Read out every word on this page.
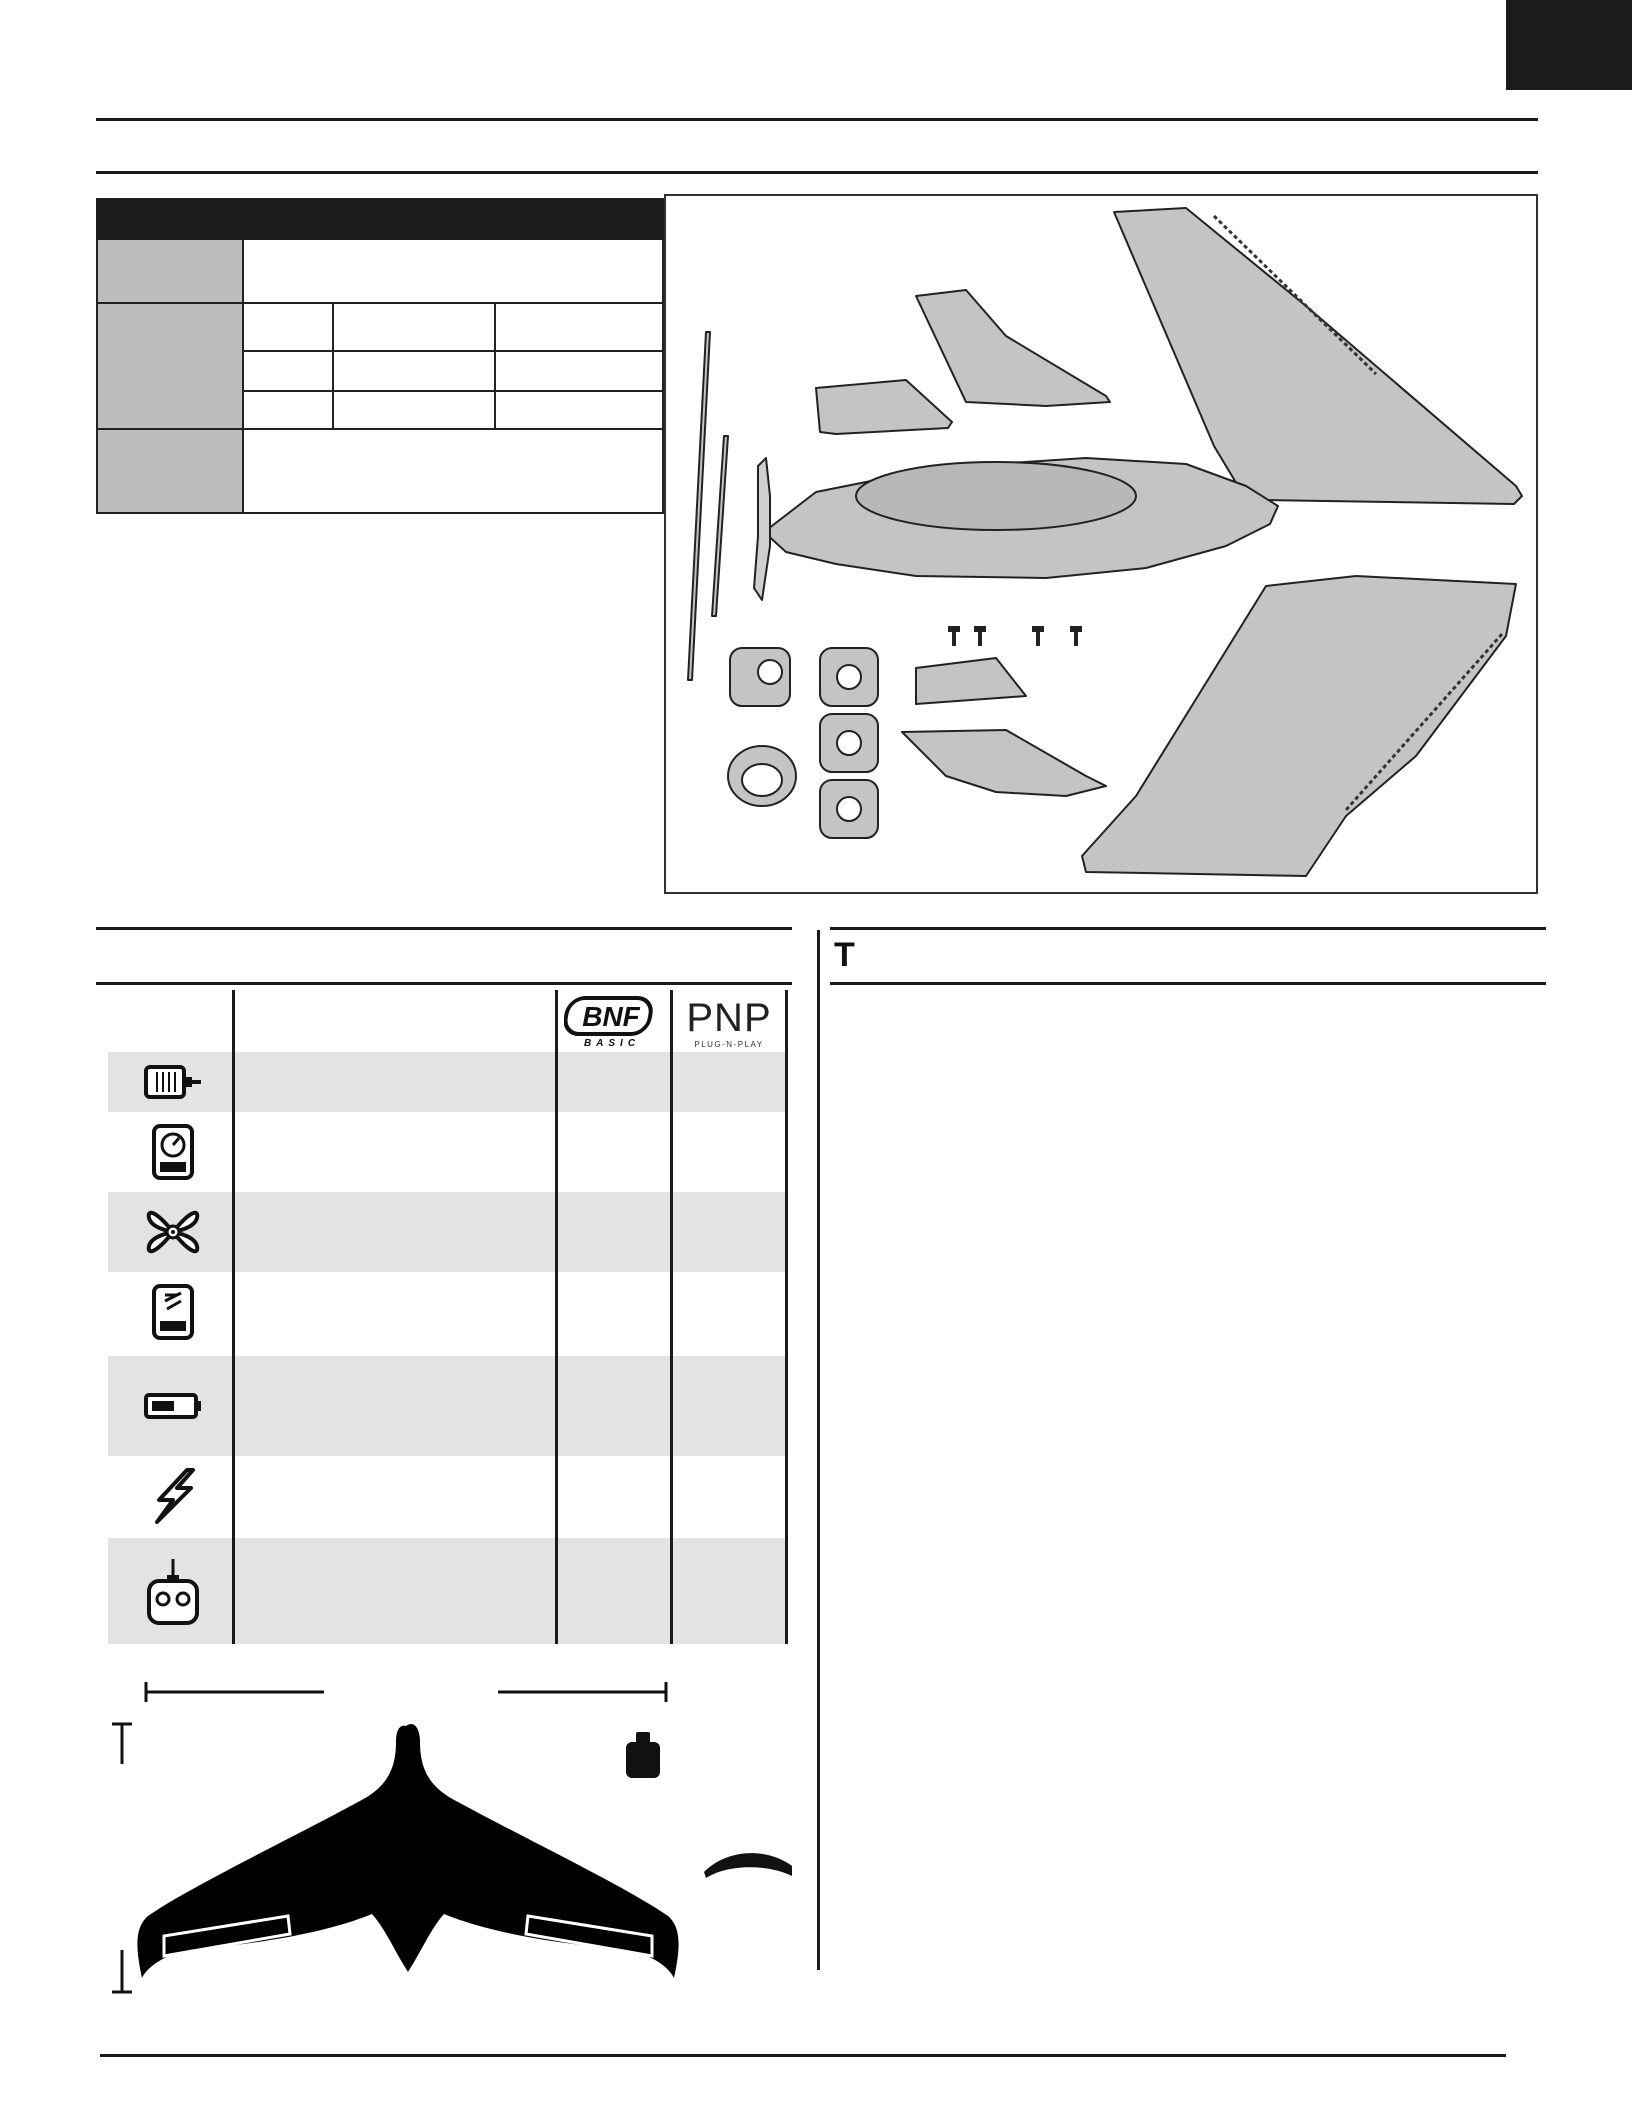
T
BNF
BASIC
PNP
PLUG-N-PLAY
